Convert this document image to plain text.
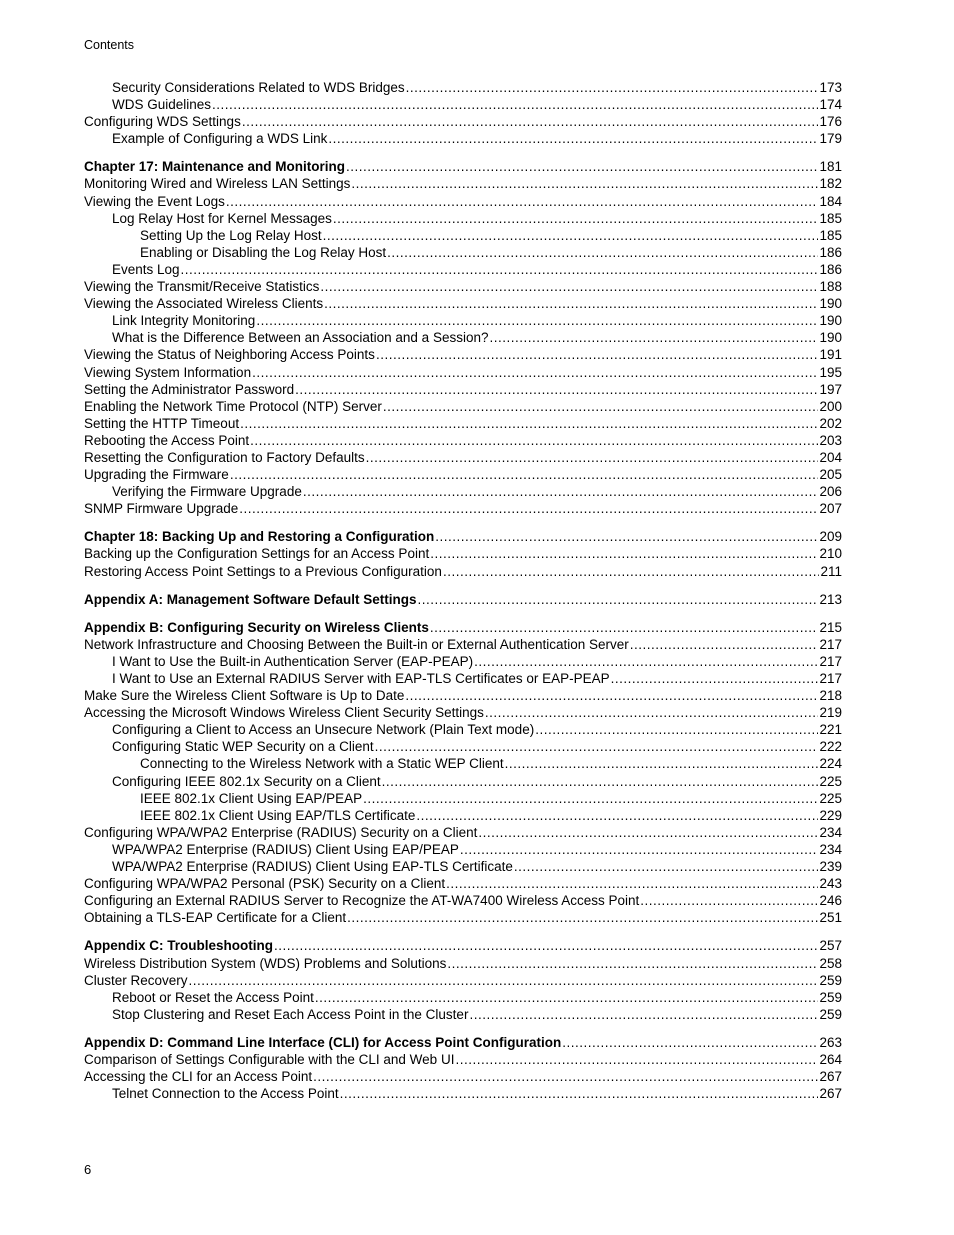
Contents
Security Considerations Related to WDS Bridges .....	173
WDS Guidelines .....	174
Configuring WDS Settings .....	176
Example of Configuring a WDS Link .....	179
Chapter 17: Maintenance and Monitoring .....	181
Monitoring Wired and Wireless LAN Settings .....	182
Viewing the Event Logs .....	184
Log Relay Host for Kernel Messages .....	185
Setting Up the Log Relay Host .....	185
Enabling or Disabling the Log Relay Host .....	186
Events Log .....	186
Viewing the Transmit/Receive Statistics .....	188
Viewing the Associated Wireless Clients .....	190
Link Integrity Monitoring .....	190
What is the Difference Between an Association and a Session? .....	190
Viewing the Status of Neighboring Access Points .....	191
Viewing System Information .....	195
Setting the Administrator Password .....	197
Enabling the Network Time Protocol (NTP) Server .....	200
Setting the HTTP Timeout .....	202
Rebooting the Access Point .....	203
Resetting the Configuration to Factory Defaults .....	204
Upgrading the Firmware .....	205
Verifying the Firmware Upgrade .....	206
SNMP Firmware Upgrade .....	207
Chapter 18: Backing Up and Restoring a Configuration .....	209
Backing up the Configuration Settings for an Access Point .....	210
Restoring Access Point Settings to a Previous Configuration .....	211
Appendix A: Management Software Default Settings .....	213
Appendix B: Configuring Security on Wireless Clients .....	215
Network Infrastructure and Choosing Between the Built-in or External Authentication Server .....	217
I Want to Use the Built-in Authentication Server (EAP-PEAP) .....	217
I Want to Use an External RADIUS Server with EAP-TLS Certificates or EAP-PEAP .....	217
Make Sure the Wireless Client Software is Up to Date .....	218
Accessing the Microsoft Windows Wireless Client Security Settings .....	219
Configuring a Client to Access an Unsecure Network (Plain Text mode) .....	221
Configuring Static WEP Security on a Client .....	222
Connecting to the Wireless Network with a Static WEP Client .....	224
Configuring IEEE 802.1x Security on a Client .....	225
IEEE 802.1x Client Using EAP/PEAP .....	225
IEEE 802.1x Client Using EAP/TLS Certificate .....	229
Configuring WPA/WPA2 Enterprise (RADIUS) Security on a Client .....	234
WPA/WPA2 Enterprise (RADIUS) Client Using EAP/PEAP .....	234
WPA/WPA2 Enterprise (RADIUS) Client Using EAP-TLS Certificate .....	239
Configuring WPA/WPA2 Personal (PSK) Security on a Client .....	243
Configuring an External RADIUS Server to Recognize the AT-WA7400 Wireless Access Point .....	246
Obtaining a TLS-EAP Certificate for a Client .....	251
Appendix C: Troubleshooting .....	257
Wireless Distribution System (WDS) Problems and Solutions .....	258
Cluster Recovery .....	259
Reboot or Reset the Access Point .....	259
Stop Clustering and Reset Each Access Point in the Cluster .....	259
Appendix D: Command Line Interface (CLI) for Access Point Configuration .....	263
Comparison of Settings Configurable with the CLI and Web UI .....	264
Accessing the CLI for an Access Point .....	267
Telnet Connection to the Access Point .....	267
6
